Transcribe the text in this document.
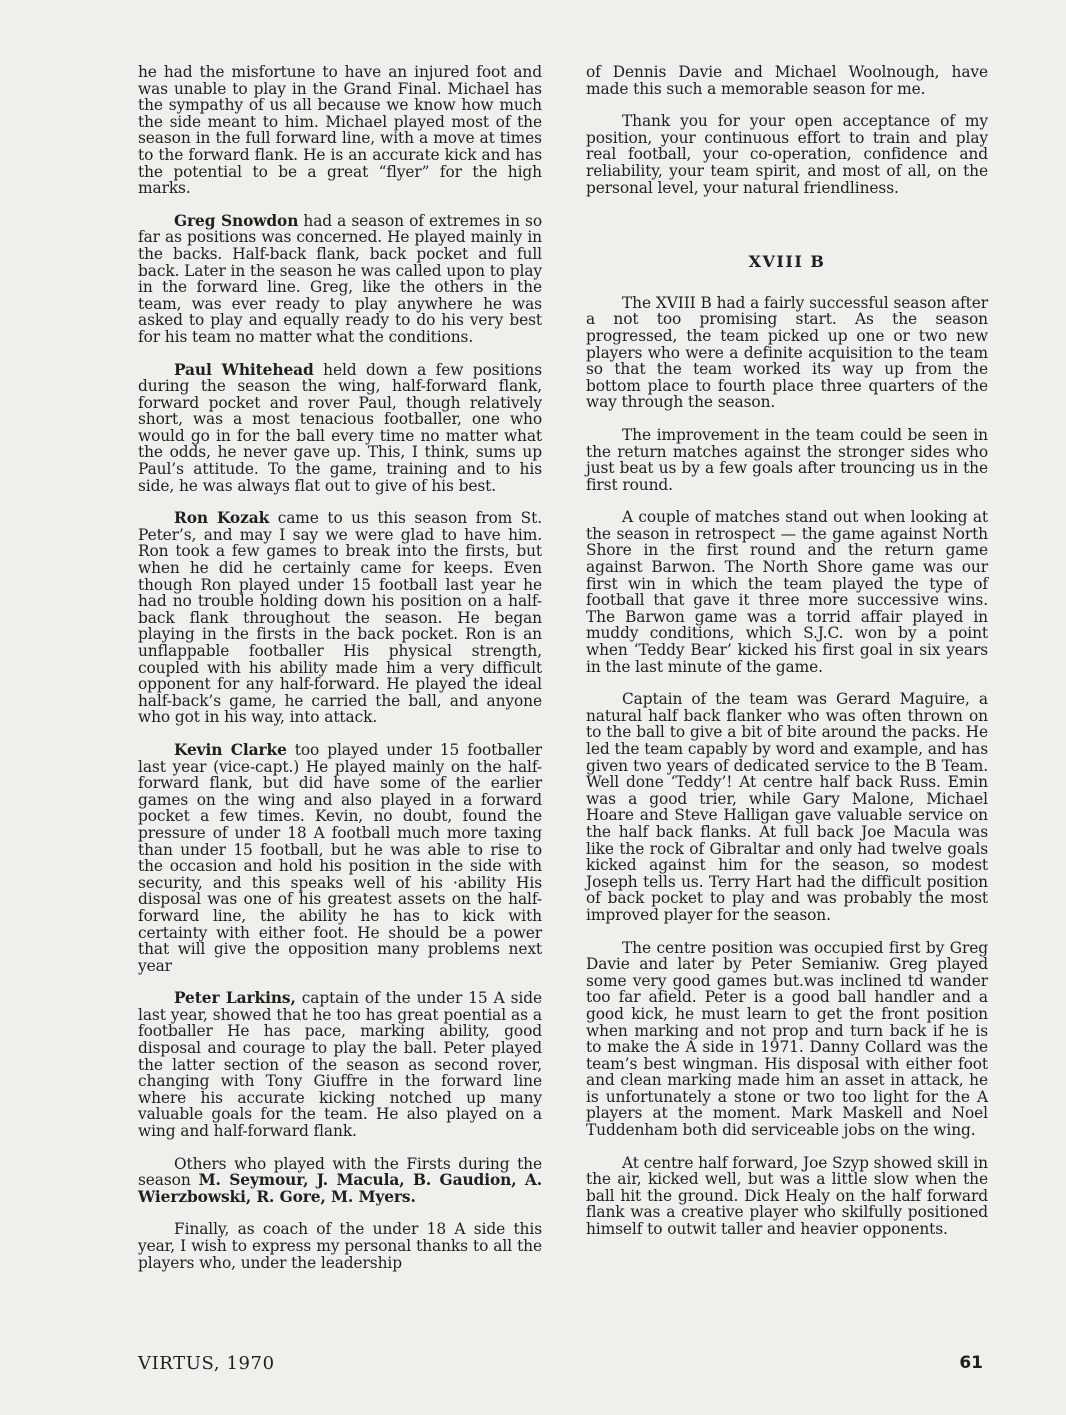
he had the misfortune to have an injured foot and was unable to play in the Grand Final. Michael has the sympathy of us all because we know how much the side meant to him. Michael played most of the season in the full forward line, with a move at times to the forward flank. He is an accurate kick and has the potential to be a great “flyer” for the high marks.

Greg Snowdon had a season of extremes in so far as positions was concerned. He played mainly in the backs. Half-back flank, back pocket and full back. Later in the season he was called upon to play in the forward line. Greg, like the others in the team, was ever ready to play anywhere he was asked to play and equally ready to do his very best for his team no matter what the conditions.

Paul Whitehead held down a few positions during the season the wing, half-forward flank, forward pocket and rover Paul, though relatively short, was a most tenacious footballer, one who would go in for the ball every time no matter what the odds, he never gave up. This, I think, sums up Paul’s attitude. To the game, training and to his side, he was always flat out to give of his best.

Ron Kozak came to us this season from St. Peter’s, and may I say we were glad to have him. Ron took a few games to break into the firsts, but when he did he certainly came for keeps. Even though Ron played under 15 football last year he had no trouble holding down his position on a half-back flank throughout the season. He began playing in the firsts in the back pocket. Ron is an unflappable footballer His physical strength, coupled with his ability made him a very difficult opponent for any half-forward. He played the ideal half-back’s game, he carried the ball, and anyone who got in his way, into attack.

Kevin Clarke too played under 15 footballer last year (vice-capt.) He played mainly on the half-forward flank, but did have some of the earlier games on the wing and also played in a forward pocket a few times. Kevin, no doubt, found the pressure of under 18 A football much more taxing than under 15 football, but he was able to rise to the occasion and hold his position in the side with security, and this speaks well of his ·ability His disposal was one of his greatest assets on the half-forward line, the ability he has to kick with certainty with either foot. He should be a power that will give the opposition many problems next year

Peter Larkins, captain of the under 15 A side last year, showed that he too has great poential as a footballer He has pace, marking ability, good disposal and courage to play the ball. Peter played the latter section of the season as second rover, changing with Tony Giuffre in the forward line where his accurate kicking notched up many valuable goals for the team. He also played on a wing and half-forward flank.

Others who played with the Firsts during the season M. Seymour, J. Macula, B. Gaudion, A. Wierzbowski, R. Gore, M. Myers.

Finally, as coach of the under 18 A side this year, I wish to express my personal thanks to all the players who, under the leadership

of Dennis Davie and Michael Woolnough, have made this such a memorable season for me.

Thank you for your open acceptance of my position, your continuous effort to train and play real football, your co-operation, confidence and reliability, your team spirit, and most of all, on the personal level, your natural friendliness.

XVIII B

The XVIII B had a fairly successful season after a not too promising start. As the season progressed, the team picked up one or two new players who were a definite acquisition to the team so that the team worked its way up from the bottom place to fourth place three quarters of the way through the season.

The improvement in the team could be seen in the return matches against the stronger sides who just beat us by a few goals after trouncing us in the first round.

A couple of matches stand out when looking at the season in retrospect — the game against North Shore in the first round and the return game against Barwon. The North Shore game was our first win in which the team played the type of football that gave it three more successive wins. The Barwon game was a torrid affair played in muddy conditions, which S.J.C. won by a point when ‘Teddy Bear’ kicked his first goal in six years in the last minute of the game.

Captain of the team was Gerard Maguire, a natural half back flanker who was often thrown on to the ball to give a bit of bite around the packs. He led the team capably by word and example, and has given two years of dedicated service to the B Team. Well done ‘Teddy’! At centre half back Russ. Emin was a good trier, while Gary Malone, Michael Hoare and Steve Halligan gave valuable service on the half back flanks. At full back Joe Macula was like the rock of Gibraltar and only had twelve goals kicked against him for the season, so modest Joseph tells us. Terry Hart had the difficult position of back pocket to play and was probably the most improved player for the season.

The centre position was occupied first by Greg Davie and later by Peter Semianiw. Greg played some very good games but.was inclined td wander too far afield. Peter is a good ball handler and a good kick, he must learn to get the front position when marking and not prop and turn back if he is to make the A side in 1971. Danny Collard was the team’s best wingman. His disposal with either foot and clean marking made him an asset in attack, he is unfortunately a stone or two too light for the A players at the moment. Mark Maskell and Noel Tuddenham both did serviceable jobs on the wing.

At centre half forward, Joe Szyp showed skill in the air, kicked well, but was a little slow when the ball hit the ground. Dick Healy on the half forward flank was a creative player who skilfully positioned himself to outwit taller and heavier opponents.

VIRTUS, 1970	61
